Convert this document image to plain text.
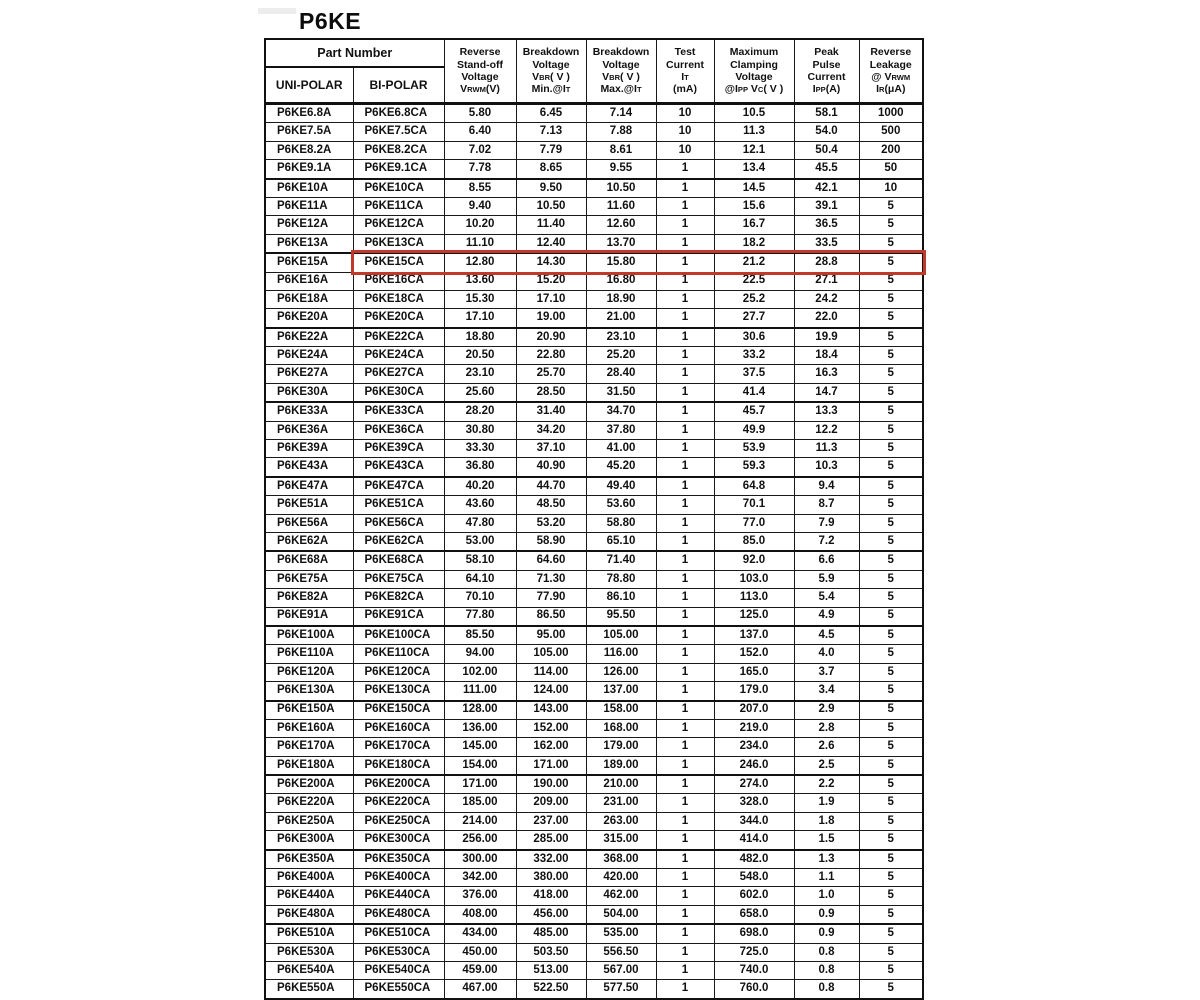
P6KE
Part Number		Reverse
Stand-off
Voltage
VRWM(V)	Breakdown
Voltage
VBR( V )
Min.@IT	Breakdown
Voltage
VBR( V )
Max.@IT	Test
Current
IT
(mA)	Maximum
Clamping
Voltage
@IPP VC( V )	Peak
Pulse
Current
IPP(A)	Reverse
Leakage
@ VRWM
IR(μA)
UNI-POLAR	BI-POLAR							
P6KE6.8A	P6KE6.8CA	5.80	6.45	7.14	10	10.5	58.1	1000
P6KE7.5A	P6KE7.5CA	6.40	7.13	7.88	10	11.3	54.0	500
P6KE8.2A	P6KE8.2CA	7.02	7.79	8.61	10	12.1	50.4	200
P6KE9.1A	P6KE9.1CA	7.78	8.65	9.55	1	13.4	45.5	50
P6KE10A	P6KE10CA	8.55	9.50	10.50	1	14.5	42.1	10
P6KE11A	P6KE11CA	9.40	10.50	11.60	1	15.6	39.1	5
P6KE12A	P6KE12CA	10.20	11.40	12.60	1	16.7	36.5	5
P6KE13A	P6KE13CA	11.10	12.40	13.70	1	18.2	33.5	5
P6KE15A	P6KE15CA	12.80	14.30	15.80	1	21.2	28.8	5
P6KE16A	P6KE16CA	13.60	15.20	16.80	1	22.5	27.1	5
P6KE18A	P6KE18CA	15.30	17.10	18.90	1	25.2	24.2	5
P6KE20A	P6KE20CA	17.10	19.00	21.00	1	27.7	22.0	5
P6KE22A	P6KE22CA	18.80	20.90	23.10	1	30.6	19.9	5
P6KE24A	P6KE24CA	20.50	22.80	25.20	1	33.2	18.4	5
P6KE27A	P6KE27CA	23.10	25.70	28.40	1	37.5	16.3	5
P6KE30A	P6KE30CA	25.60	28.50	31.50	1	41.4	14.7	5
P6KE33A	P6KE33CA	28.20	31.40	34.70	1	45.7	13.3	5
P6KE36A	P6KE36CA	30.80	34.20	37.80	1	49.9	12.2	5
P6KE39A	P6KE39CA	33.30	37.10	41.00	1	53.9	11.3	5
P6KE43A	P6KE43CA	36.80	40.90	45.20	1	59.3	10.3	5
P6KE47A	P6KE47CA	40.20	44.70	49.40	1	64.8	9.4	5
P6KE51A	P6KE51CA	43.60	48.50	53.60	1	70.1	8.7	5
P6KE56A	P6KE56CA	47.80	53.20	58.80	1	77.0	7.9	5
P6KE62A	P6KE62CA	53.00	58.90	65.10	1	85.0	7.2	5
P6KE68A	P6KE68CA	58.10	64.60	71.40	1	92.0	6.6	5
P6KE75A	P6KE75CA	64.10	71.30	78.80	1	103.0	5.9	5
P6KE82A	P6KE82CA	70.10	77.90	86.10	1	113.0	5.4	5
P6KE91A	P6KE91CA	77.80	86.50	95.50	1	125.0	4.9	5
P6KE100A	P6KE100CA	85.50	95.00	105.00	1	137.0	4.5	5
P6KE110A	P6KE110CA	94.00	105.00	116.00	1	152.0	4.0	5
P6KE120A	P6KE120CA	102.00	114.00	126.00	1	165.0	3.7	5
P6KE130A	P6KE130CA	111.00	124.00	137.00	1	179.0	3.4	5
P6KE150A	P6KE150CA	128.00	143.00	158.00	1	207.0	2.9	5
P6KE160A	P6KE160CA	136.00	152.00	168.00	1	219.0	2.8	5
P6KE170A	P6KE170CA	145.00	162.00	179.00	1	234.0	2.6	5
P6KE180A	P6KE180CA	154.00	171.00	189.00	1	246.0	2.5	5
P6KE200A	P6KE200CA	171.00	190.00	210.00	1	274.0	2.2	5
P6KE220A	P6KE220CA	185.00	209.00	231.00	1	328.0	1.9	5
P6KE250A	P6KE250CA	214.00	237.00	263.00	1	344.0	1.8	5
P6KE300A	P6KE300CA	256.00	285.00	315.00	1	414.0	1.5	5
P6KE350A	P6KE350CA	300.00	332.00	368.00	1	482.0	1.3	5
P6KE400A	P6KE400CA	342.00	380.00	420.00	1	548.0	1.1	5
P6KE440A	P6KE440CA	376.00	418.00	462.00	1	602.0	1.0	5
P6KE480A	P6KE480CA	408.00	456.00	504.00	1	658.0	0.9	5
P6KE510A	P6KE510CA	434.00	485.00	535.00	1	698.0	0.9	5
P6KE530A	P6KE530CA	450.00	503.50	556.50	1	725.0	0.8	5
P6KE540A	P6KE540CA	459.00	513.00	567.00	1	740.0	0.8	5
P6KE550A	P6KE550CA	467.00	522.50	577.50	1	760.0	0.8	5
